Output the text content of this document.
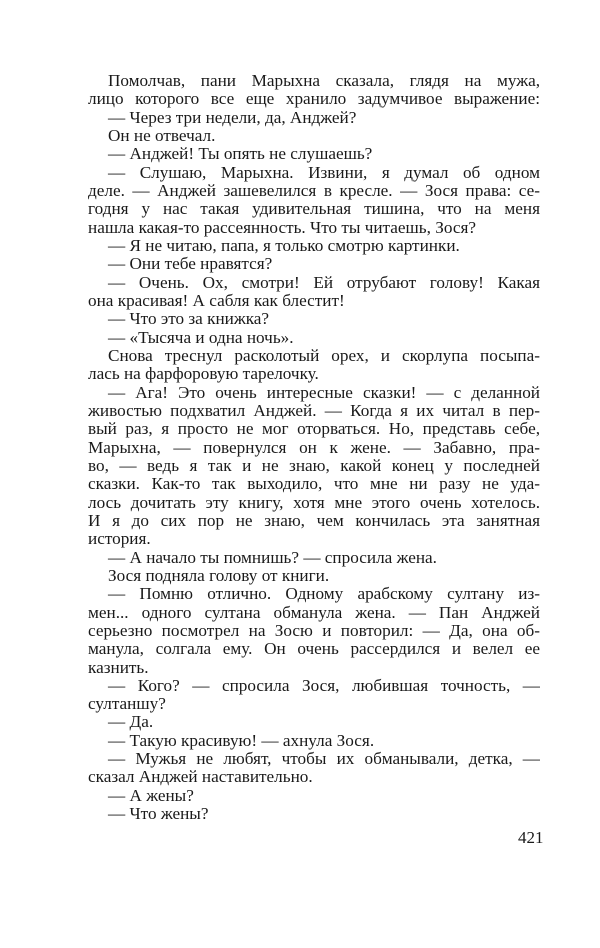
Помолчав, пани Марыхна сказала, глядя на мужа,
лицо которого все еще хранило задумчивое выражение:
— Через три недели, да, Анджей?
Он не отвечал.
— Анджей! Ты опять не слушаешь?
— Слушаю, Марыхна. Извини, я думал об одном
деле. — Анджей зашевелился в кресле. — Зося права: се-
годня у нас такая удивительная тишина, что на меня
нашла какая-то рассеянность. Что ты читаешь, Зося?
— Я не читаю, папа, я только смотрю картинки.
— Они тебе нравятся?
— Очень. Ох, смотри! Ей отрубают голову! Какая
она красивая! А сабля как блестит!
— Что это за книжка?
— «Тысяча и одна ночь».
Снова треснул расколотый орех, и скорлупа посыпа-
лась на фарфоровую тарелочку.
— Ага! Это очень интересные сказки! — с деланной
живостью подхватил Анджей. — Когда я их читал в пер-
вый раз, я просто не мог оторваться. Но, представь себе,
Марыхна, — повернулся он к жене. — Забавно, пра-
во, — ведь я так и не знаю, какой конец у последней
сказки. Как-то так выходило, что мне ни разу не уда-
лось дочитать эту книгу, хотя мне этого очень хотелось.
И я до сих пор не знаю, чем кончилась эта занятная
история.
— А начало ты помнишь? — спросила жена.
Зося подняла голову от книги.
— Помню отлично. Одному арабскому султану из-
мен... одного султана обманула жена. — Пан Анджей
серьезно посмотрел на Зосю и повторил: — Да, она об-
манула, солгала ему. Он очень рассердился и велел ее
казнить.
— Кого? — спросила Зося, любившая точность, —
султаншу?
— Да.
— Такую красивую! — ахнула Зося.
— Мужья не любят, чтобы их обманывали, детка, —
сказал Анджей наставительно.
— А жены?
— Что жены?
421
